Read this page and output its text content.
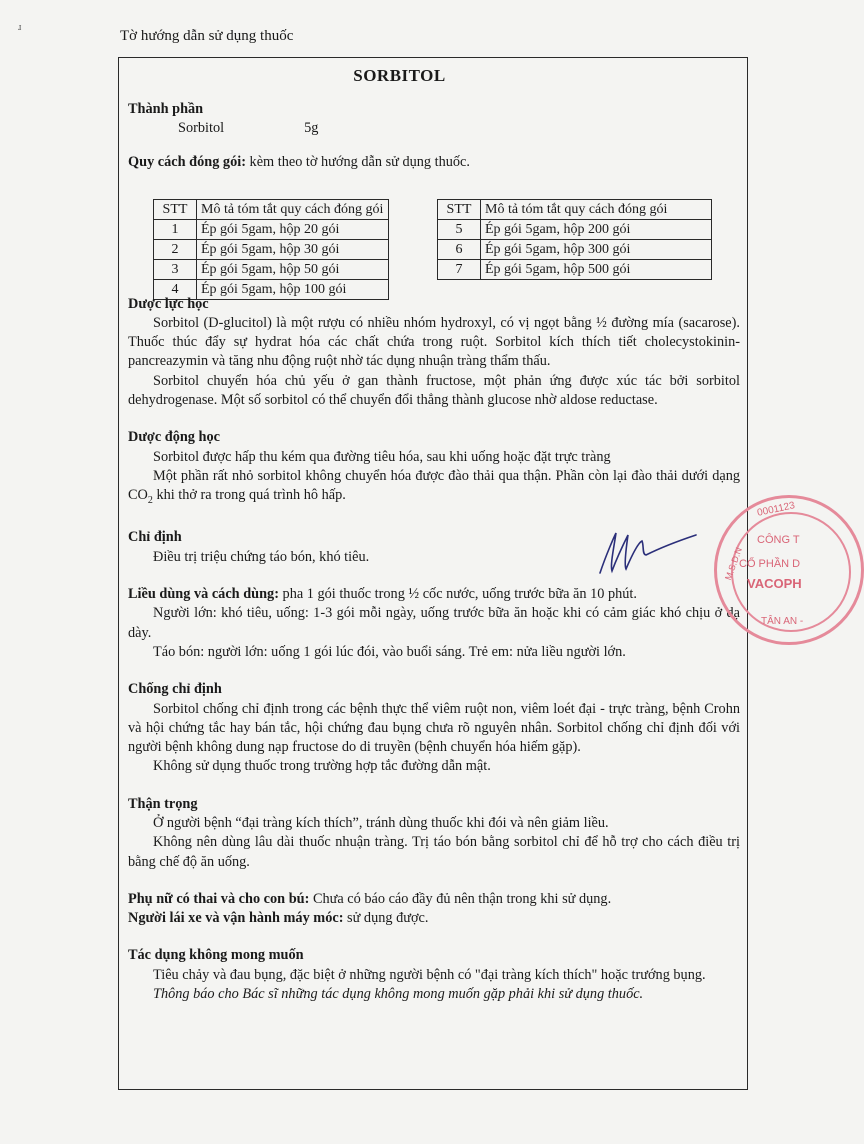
ɹ
Tờ hướng dẫn sử dụng thuốc
SORBITOL
STT	Mô tả tóm tắt quy cách đóng gói
1	Ép gói 5gam, hộp 20 gói
2	Ép gói 5gam, hộp 30 gói
3	Ép gói 5gam, hộp 50 gói
4	Ép gói 5gam, hộp 100 gói
STT	Mô tả tóm tắt quy cách đóng gói
5	Ép gói 5gam, hộp 200 gói
6	Ép gói 5gam, hộp 300 gói
7	Ép gói 5gam, hộp 500 gói
Thành phần
Sorbitol	5g
Quy cách đóng gói: kèm theo tờ hướng dẫn sử dụng thuốc.
Dược lực học

Sorbitol (D-glucitol) là một rượu có nhiều nhóm hydroxyl, có vị ngọt bằng ½ đường mía (sacarose). Thuốc thúc đẩy sự hydrat hóa các chất chứa trong ruột. Sorbitol kích thích tiết cholecystokinin-pancreazymin và tăng nhu động ruột nhờ tác dụng nhuận tràng thẩm thấu.

Sorbitol chuyển hóa chủ yếu ở gan thành fructose, một phản ứng được xúc tác bởi sorbitol dehydrogenase. Một số sorbitol có thể chuyển đổi thẳng thành glucose nhờ aldose reductase.

Dược động học

Sorbitol được hấp thu kém qua đường tiêu hóa, sau khi uống hoặc đặt trực tràng

Một phần rất nhỏ sorbitol không chuyển hóa được đào thải qua thận. Phần còn lại đào thải dưới dạng $CO_2$ khi thở ra trong quá trình hô hấp.

Chỉ định

Điều trị triệu chứng táo bón, khó tiêu.

Liều dùng và cách dùng: pha 1 gói thuốc trong ½ cốc nước, uống trước bữa ăn 10 phút.

Người lớn: khó tiêu, uống: 1-3 gói mỗi ngày, uống trước bữa ăn hoặc khi có cảm giác khó chịu ở dạ dày.

Táo bón: người lớn: uống 1 gói lúc đói, vào buổi sáng. Trẻ em: nửa liều người lớn.

Chống chỉ định

Sorbitol chống chỉ định trong các bệnh thực thể viêm ruột non, viêm loét đại - trực tràng, bệnh Crohn và hội chứng tắc hay bán tắc, hội chứng đau bụng chưa rõ nguyên nhân. Sorbitol chống chỉ định đối với người bệnh không dung nạp fructose do di truyền (bệnh chuyển hóa hiếm gặp).

Không sử dụng thuốc trong trường hợp tắc đường dẫn mật.

Thận trọng

Ở người bệnh “đại tràng kích thích”, tránh dùng thuốc khi đói và nên giảm liều.

Không nên dùng lâu dài thuốc nhuận tràng. Trị táo bón bằng sorbitol chỉ để hỗ trợ cho cách điều trị bằng chế độ ăn uống.

Phụ nữ có thai và cho con bú: Chưa có báo cáo đầy đủ nên thận trong khi sử dụng.
Người lái xe và vận hành máy móc: sử dụng được.
Tác dụng không mong muốn

Tiêu chảy và đau bụng, đặc biệt ở những người bệnh có "đại tràng kích thích" hoặc trướng bụng.

Thông báo cho Bác sĩ những tác dụng không mong muốn gặp phải khi sử dụng thuốc.

0001123
M.S.D.N
CÔNG T
CỔ PHẦN D
VACOPH
TÂN AN -
